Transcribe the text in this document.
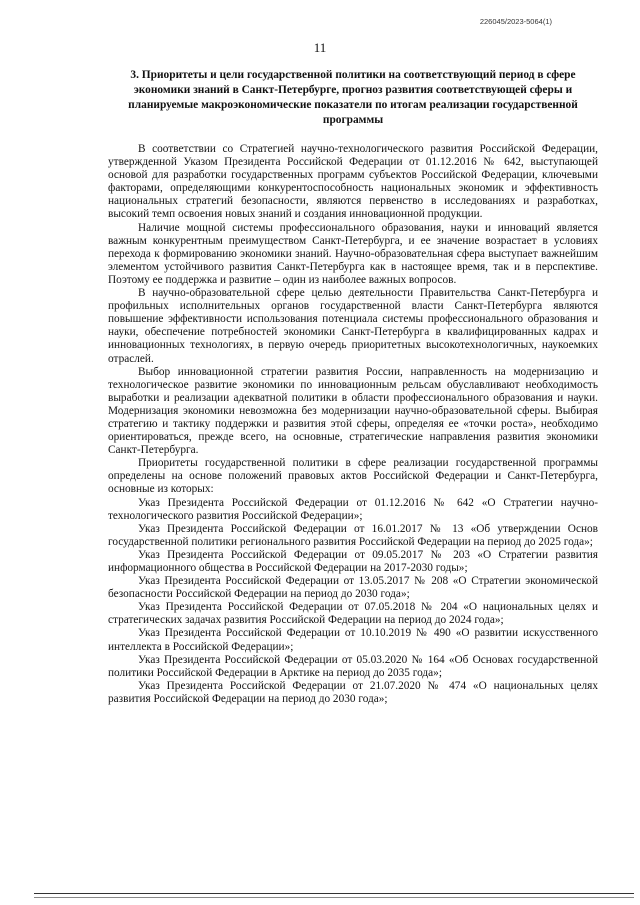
226045/2023-5064(1)
11
3. Приоритеты и цели государственной политики на соответствующий период в сфере экономики знаний в Санкт-Петербурге, прогноз развития соответствующей сферы и планируемые макроэкономические показатели по итогам реализации государственной программы

В соответствии со Стратегией научно-технологического развития Российской Федерации, утвержденной Указом Президента Российской Федерации от 01.12.2016 № 642, выступающей основой для разработки государственных программ субъектов Российской Федерации, ключевыми факторами, определяющими конкурентоспособность национальных экономик и эффективность национальных стратегий безопасности, являются первенство в исследованиях и разработках, высокий темп освоения новых знаний и создания инновационной продукции.

Наличие мощной системы профессионального образования, науки и инноваций является важным конкурентным преимуществом Санкт-Петербурга, и ее значение возрастает в условиях перехода к формированию экономики знаний. Научно-образовательная сфера выступает важнейшим элементом устойчивого развития Санкт-Петербурга как в настоящее время, так и в перспективе. Поэтому ее поддержка и развитие – один из наиболее важных вопросов.

В научно-образовательной сфере целью деятельности Правительства Санкт-Петербурга и профильных исполнительных органов государственной власти Санкт-Петербурга являются повышение эффективности использования потенциала системы профессионального образования и науки, обеспечение потребностей экономики Санкт-Петербурга в квалифицированных кадрах и инновационных технологиях, в первую очередь приоритетных высокотехнологичных, наукоемких отраслей.

Выбор инновационной стратегии развития России, направленность на модернизацию и технологическое развитие экономики по инновационным рельсам обуславливают необходимость выработки и реализации адекватной политики в области профессионального образования и науки. Модернизация экономики невозможна без модернизации научно-образовательной сферы. Выбирая стратегию и тактику поддержки и развития этой сферы, определяя ее «точки роста», необходимо ориентироваться, прежде всего, на основные, стратегические направления развития экономики Санкт-Петербурга.

Приоритеты государственной политики в сфере реализации государственной программы определены на основе положений правовых актов Российской Федерации и Санкт-Петербурга, основные из которых:

Указ Президента Российской Федерации от 01.12.2016 № 642 «О Стратегии научно-технологического развития Российской Федерации»;

Указ Президента Российской Федерации от 16.01.2017 № 13 «Об утверждении Основ государственной политики регионального развития Российской Федерации на период до 2025 года»;

Указ Президента Российской Федерации от 09.05.2017 № 203 «О Стратегии развития информационного общества в Российской Федерации на 2017-2030 годы»;

Указ Президента Российской Федерации от 13.05.2017 № 208 «О Стратегии экономической безопасности Российской Федерации на период до 2030 года»;

Указ Президента Российской Федерации от 07.05.2018 № 204 «О национальных целях и стратегических задачах развития Российской Федерации на период до 2024 года»;

Указ Президента Российской Федерации от 10.10.2019 № 490 «О развитии искусственного интеллекта в Российской Федерации»;

Указ Президента Российской Федерации от 05.03.2020 № 164 «Об Основах государственной политики Российской Федерации в Арктике на период до 2035 года»;

Указ Президента Российской Федерации от 21.07.2020 № 474 «О национальных целях развития Российской Федерации на период до 2030 года»;
